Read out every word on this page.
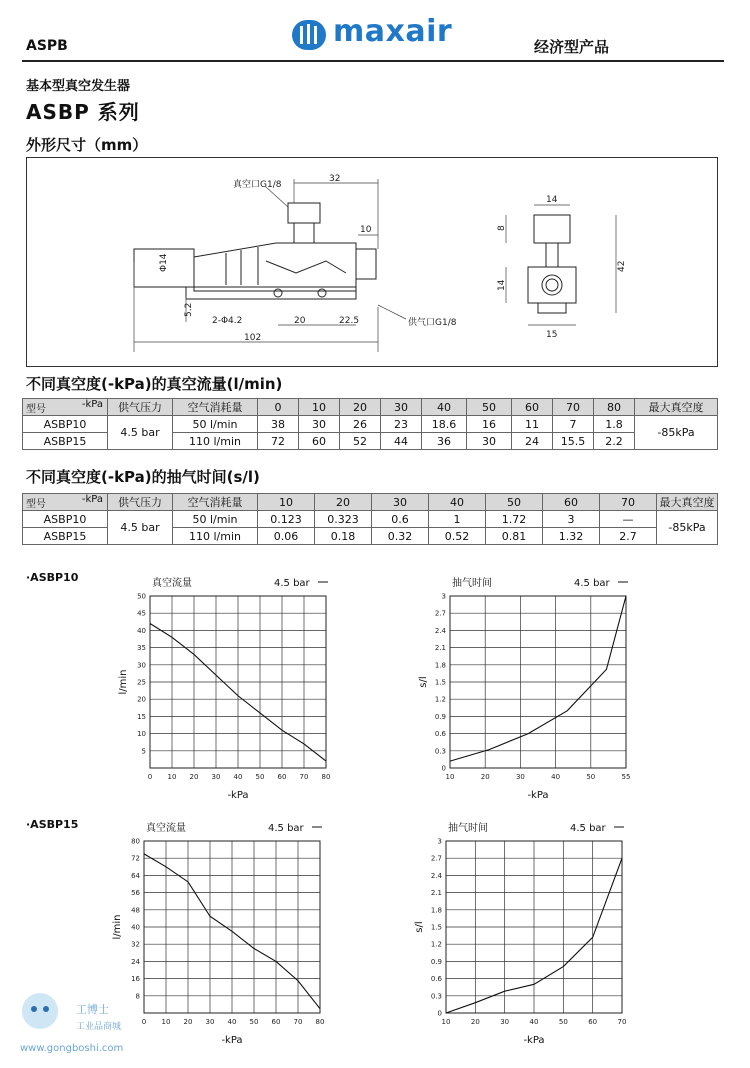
ASPB	maxair	经济型产品
基本型真空发生器
ASBP 系列
外形尺寸（mm）
真空口G1/8
32
10
Φ14
5.2
2-Φ4.2	20	22.5
102
供气口G1/8
14
8
42
14
15
不同真空度(-kPa)的真空流量(l/min)
-kPa
型号	供气压力	空气消耗量	0	10	20	30	40	50	60	70	80	最大真空度
ASBP10	4.5 bar	50 l/min	38	30	26	23	18.6	16	11	7	1.8	-85kPa
ASBP15		110 l/min	72	60	52	44	36	30	24	15.5	2.2	
不同真空度(-kPa)的抽气时间(s/l)
-kPa
型号	供气压力	空气消耗量	10	20	30	40	50	60	70	最大真空度
ASBP10	4.5 bar	50 l/min	0.123	0.323	0.6	1	1.72	3	—	-85kPa
ASBP15		110 l/min	0.06	0.18	0.32	0.52	0.81	1.32	2.7	
·ASBP10
·ASBP15
真空流量	4.5 bar
0 10 20 30 40 50 60 70 80
5
10
15
20
25
30
35
40
45
50
-kPa
l/min
抽气时间	4.5 bar
10	20	30	40	50	55
0
0.3
0.6
0.9
1.2
1.5
1.8
2.1
2.4
2.7
3
-kPa
s/l
真空流量	4.5 bar
0 10 20 30 40 50 60 70 80
8
16
24
32
40
48
56
64
72
80
-kPa
l/min
抽气时间	4.5 bar
10	20	30	40	50	60	70
0
0.3
0.6
0.9
1.2
1.5
1.8
2.1
2.4
2.7
3
-kPa
s/l
工博士
工业品商城
www.gongboshi.com
